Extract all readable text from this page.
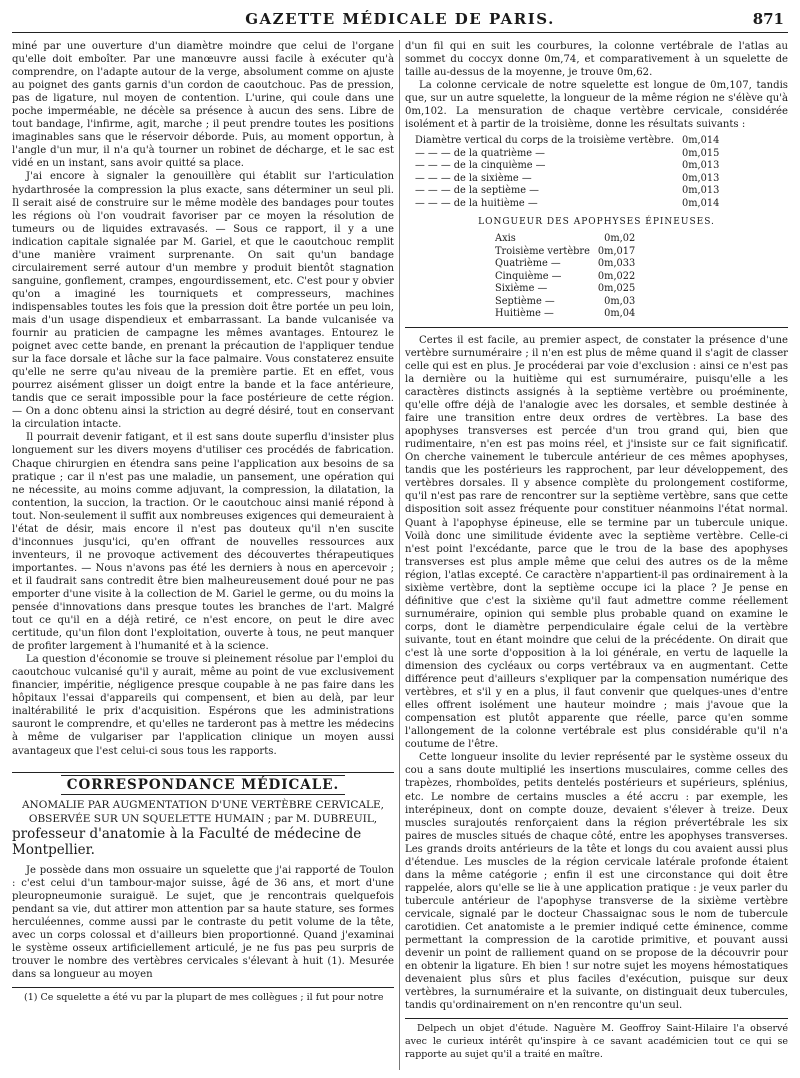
GAZETTE MÉDICALE DE PARIS.	871

miné par une ouverture d'un diamètre moindre que celui de l'organe qu'elle doit emboîter. Par une manœuvre aussi facile à exécuter qu'à comprendre, on l'adapte autour de la verge, absolument comme on ajuste au poignet des gants garnis d'un cordon de caoutchouc. Pas de pression, pas de ligature, nul moyen de contention. L'urine, qui coule dans une poche imperméable, ne décèle sa présence à aucun des sens. Libre de tout bandage, l'infirme, agit, marche ; il peut prendre toutes les positions imaginables sans que le réservoir déborde. Puis, au moment opportun, à l'angle d'un mur, il n'a qu'à tourner un robinet de décharge, et le sac est vidé en un instant, sans avoir quitté sa place.

J'ai encore à signaler la genouillère qui établit sur l'articulation hydarthrosée la compression la plus exacte, sans déterminer un seul pli. Il serait aisé de construire sur le même modèle des bandages pour toutes les régions où l'on voudrait favoriser par ce moyen la résolution de tumeurs ou de liquides extravasés. — Sous ce rapport, il y a une indication capitale signalée par M. Gariel, et que le caoutchouc remplit d'une manière vraiment surprenante. On sait qu'un bandage circulairement serré autour d'un membre y produit bientôt stagnation sanguine, gonflement, crampes, engourdissement, etc. C'est pour y obvier qu'on a imaginé les tourniquets et compresseurs, machines indispensables toutes les fois que la pression doit être portée un peu loin, mais d'un usage dispendieux et embarrassant. La bande vulcanisée va fournir au praticien de campagne les mêmes avantages. Entourez le poignet avec cette bande, en prenant la précaution de l'appliquer tendue sur la face dorsale et lâche sur la face palmaire. Vous constaterez ensuite qu'elle ne serre qu'au niveau de la première partie. Et en effet, vous pourrez aisément glisser un doigt entre la bande et la face antérieure, tandis que ce serait impossible pour la face postérieure de cette région. — On a donc obtenu ainsi la striction au degré désiré, tout en conservant la circulation intacte.

Il pourrait devenir fatigant, et il est sans doute superflu d'insister plus longuement sur les divers moyens d'utiliser ces procédés de fabrication. Chaque chirurgien en étendra sans peine l'application aux besoins de sa pratique ; car il n'est pas une maladie, un pansement, une opération qui ne nécessite, au moins comme adjuvant, la compression, la dilatation, la contention, la succion, la traction. Or le caoutchouc ainsi manié répond à tout. Non-seulement il suffit aux nombreuses exigences qui demeuraient à l'état de désir, mais encore il n'est pas douteux qu'il n'en suscite d'inconnues jusqu'ici, qu'en offrant de nouvelles ressources aux inventeurs, il ne provoque activement des découvertes thérapeutiques importantes. — Nous n'avons pas été les derniers à nous en apercevoir ; et il faudrait sans contredit être bien malheureusement doué pour ne pas emporter d'une visite à la collection de M. Gariel le germe, ou du moins la pensée d'innovations dans presque toutes les branches de l'art. Malgré tout ce qu'il en a déjà retiré, ce n'est encore, on peut le dire avec certitude, qu'un filon dont l'exploitation, ouverte à tous, ne peut manquer de profiter largement à l'humanité et à la science.

La question d'économie se trouve si pleinement résolue par l'emploi du caoutchouc vulcanisé qu'il y aurait, même au point de vue exclusivement financier, impéritie, négligence presque coupable à ne pas faire dans les hôpitaux l'essai d'appareils qui compensent, et bien au delà, par leur inaltérabilité le prix d'acquisition. Espérons que les administrations sauront le comprendre, et qu'elles ne tarderont pas à mettre les médecins à même de vulgariser par l'application clinique un moyen aussi avantageux que l'est celui-ci sous tous les rapports.

CORRESPONDANCE MÉDICALE.

ANOMALIE PAR AUGMENTATION D'UNE VERTÈBRE CERVICALE, OBSERVÉE SUR UN SQUELETTE HUMAIN ; par M. DUBREUIL,

professeur d'anatomie à la Faculté de médecine de Montpellier.

Je possède dans mon ossuaire un squelette que j'ai rapporté de Toulon : c'est celui d'un tambour-major suisse, âgé de 36 ans, et mort d'une pleuropneumonie suraiguë. Le sujet, que je rencontrais quelquefois pendant sa vie, dut attirer mon attention par sa haute stature, ses formes herculéennes, comme aussi par le contraste du petit volume de la tête, avec un corps colossal et d'ailleurs bien proportionné. Quand j'examinai le système osseux artificiellement articulé, je ne fus pas peu surpris de trouver le nombre des vertèbres cervicales s'élevant à huit (1). Mesurée dans sa longueur au moyen

(1) Ce squelette a été vu par la plupart de mes collègues ; il fut pour notre

d'un fil qui en suit les courbures, la colonne vertébrale de l'atlas au sommet du coccyx donne 0m,74, et comparativement à un squelette de taille au-dessus de la moyenne, je trouve 0m,62.

La colonne cervicale de notre squelette est longue de 0m,107, tandis que, sur un autre squelette, la longueur de la même région ne s'élève qu'à 0m,102. La mensuration de chaque vertèbre cervicale, considérée isolément et à partir de la troisième, donne les résultats suivants :

Diamètre vertical du corps de la troisième vertèbre.	0m,014
— — — de la quatrième —	0m,015
— — — de la cinquième —	0m,013
— — — de la sixième —	0m,013
— — — de la septième —	0m,013
— — — de la huitième —	0m,014
LONGUEUR DES APOPHYSES ÉPINEUSES.
Axis	0m,02
Troisième vertèbre	0m,017
Quatrième —	0m,033
Cinquième —	0m,022
Sixième —	0m,025
Septième —	0m,03
Huitième —	0m,04

Certes il est facile, au premier aspect, de constater la présence d'une vertèbre surnuméraire ; il n'en est plus de même quand il s'agit de classer celle qui est en plus. Je procéderai par voie d'exclusion : ainsi ce n'est pas la dernière ou la huitième qui est surnuméraire, puisqu'elle a les caractères distincts assignés à la septième vertèbre ou proéminente, qu'elle offre déjà de l'analogie avec les dorsales, et semble destinée à faire une transition entre deux ordres de vertèbres. La base des apophyses transverses est percée d'un trou grand qui, bien que rudimentaire, n'en est pas moins réel, et j'insiste sur ce fait significatif. On cherche vainement le tubercule antérieur de ces mêmes apophyses, tandis que les postérieurs les rapprochent, par leur développement, des vertèbres dorsales. Il y absence complète du prolongement costiforme, qu'il n'est pas rare de rencontrer sur la septième vertèbre, sans que cette disposition soit assez fréquente pour constituer néanmoins l'état normal. Quant à l'apophyse épineuse, elle se termine par un tubercule unique. Voilà donc une similitude évidente avec la septième vertèbre. Celle-ci n'est point l'excédante, parce que le trou de la base des apophyses transverses est plus ample même que celui des autres os de la même région, l'atlas excepté. Ce caractère n'appartient-il pas ordinairement à la sixième vertèbre, dont la septième occupe ici la place ? Je pense en définitive que c'est la sixième qu'il faut admettre comme réellement surnuméraire, opinion qui semble plus probable quand on examine le corps, dont le diamètre perpendiculaire égale celui de la vertèbre suivante, tout en étant moindre que celui de la précédente. On dirait que c'est là une sorte d'opposition à la loi générale, en vertu de laquelle la dimension des cycléaux ou corps vertébraux va en augmentant. Cette différence peut d'ailleurs s'expliquer par la compensation numérique des vertèbres, et s'il y en a plus, il faut convenir que quelques-unes d'entre elles offrent isolément une hauteur moindre ; mais j'avoue que la compensation est plutôt apparente que réelle, parce qu'en somme l'allongement de la colonne vertébrale est plus considérable qu'il n'a coutume de l'être.

Cette longueur insolite du levier représenté par le système osseux du cou a sans doute multiplié les insertions musculaires, comme celles des trapèzes, rhomboïdes, petits dentelés postérieurs et supérieurs, splénius, etc. Le nombre de certains muscles a été accru : par exemple, les interépineux, dont on compte douze, devaient s'élever à treize. Deux muscles surajoutés renforçaient dans la région prévertébrale les six paires de muscles situés de chaque côté, entre les apophyses transverses. Les grands droits antérieurs de la tête et longs du cou avaient aussi plus d'étendue. Les muscles de la région cervicale latérale profonde étaient dans la même catégorie ; enfin il est une circonstance qui doit être rappelée, alors qu'elle se lie à une application pratique : je veux parler du tubercule antérieur de l'apophyse transverse de la sixième vertèbre cervicale, signalé par le docteur Chassaignac sous le nom de tubercule carotidien. Cet anatomiste a le premier indiqué cette éminence, comme permettant la compression de la carotide primitive, et pouvant aussi devenir un point de ralliement quand on se propose de la découvrir pour en obtenir la ligature. Eh bien ! sur notre sujet les moyens hémostatiques devenaient plus sûrs et plus faciles d'exécution, puisque sur deux vertèbres, la surnuméraire et la suivante, on distinguait deux tubercules, tandis qu'ordinairement on n'en rencontre qu'un seul.

Delpech un objet d'étude. Naguère M. Geoffroy Saint-Hilaire l'a observé avec le curieux intérêt qu'inspire à ce savant académicien tout ce qui se rapporte au sujet qu'il a traité en maître.
